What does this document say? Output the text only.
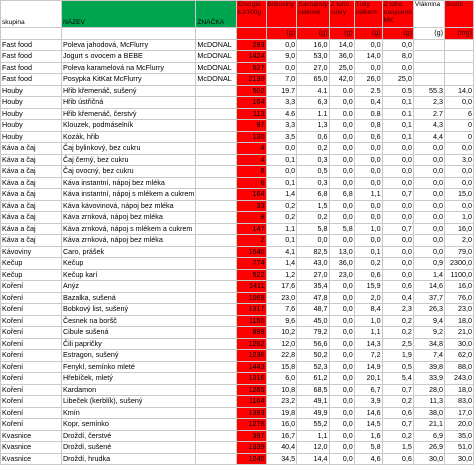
skupina	NÁZEV	ZNAČKA	Energie kJ/100g	Bílkoviny	Sacharidy celkové	Z toho cukry	Tuky celkem	Z toho nasycené MK	Vláknina	Sodík

				(g)	(g)	(g)	(g)	(g)	(g)	(mg)
Fast food	Poleva jahodová, McFlurry	McDONAL	293	0,0	16,0	14,0	0,0	0,0		
Fast food	Jogurt s ovocem a BEBE	McDONAL	1424	9,0	53,0	36,0	14,0	8,0		
Fast food	Poleva karamelová na McFlurry	McDONAL	527	0,0	27,0	25,0	0,0	0,0		
Fast food	Posypka KitKat McFlurry	McDONAL	2130	7,0	65,0	42,0	26,0	25,0		
Houby	Hřib křemenáč, sušený		502	19.7	4.1	0.0	2.5	0.5	55.3	14,0
Houby	Hřib ústřičná		164	3,3	6,3	0,0	0,4	0,1	2,3	0,0
Houby	Hřib křemenáč, čerstvý		113	4.6	1.1	0.0	0.8	0.1	2.7	6
Houby	Klouzek, podmáselník		97	3,3	1,3	0,0	0,8	0,1	4,3	0
Houby	Kozák, hřib		130	3,5	0,6	0,0	0,6	0,1	4,4	0
Káva a čaj	Čaj bylinkový, bez cukru		4	0,0	0,2	0,0	0,0	0,0	0,0	0,0
Káva a čaj	Čaj černý, bez cukru		4	0,1	0,3	0,0	0,0	0,0	0,0	3,0
Káva a čaj	Čaj ovocný, bez cukru		8	0,0	0,5	0,0	0,0	0,0	0,0	0,0
Káva a čaj	Káva instantní, nápoj bez mléka		6	0,1	0,3	0,0	0,0	0,0	0,0	0,0
Káva a čaj	Káva instantní, nápoj s mlékem a cukrem		164	1,4	6,8	6,8	1,1	0,7	0,0	15,0
Káva a čaj	Káva kávovinová, nápoj bez mléka		33	0,2	1,5	0,0	0,0	0,0	0,0	0,0
Káva a čaj	Káva zrnková, nápoj bez mléka		8	0,2	0,2	0,0	0,0	0,0	0,0	1,0
Káva a čaj	Káva zrnková, nápoj s mlékem a cukrem		147	1,1	5,8	5,8	1,0	0,7	0,0	16,0
Káva a čaj	Káva zrnková, nápoj bez mléka		2	0,1	0,0	0,0	0,0	0,0	0,0	2,0
Kávoviny	Caro, prášek		1540	4,1	82,5	13,0	0,1	0,0	0,0	79,0
Kečup	Kečup		774	1,4	43,0	36,0	0,2	0,0	0,9	2300,0
Kečup	Kečup karí		522	1,2	27,0	23,0	0,6	0,0	1,4	1100,0
Koření	Anýz		1411	17,6	35,4	0,0	15,9	0,6	14,6	16,0
Koření	Bazalka, sušená		1069	23,0	47,8	0,0	2,0	0,4	37,7	76,0
Koření	Bobkový list, sušený		1317	7,6	48,7	0,0	8,4	2,3	26,3	23,0
Koření	Česnek na boršč		1150	9,6	45,0	0,0	1,0	0,2	9,4	18,0
Koření	Cibule sušená		899	10,2	79,2	0,0	1,1	0,2	9,2	21,0
Koření	Čili papričky		1262	12,0	56,6	0,0	14,3	2,5	34,8	30,0
Koření	Estragon, sušený		1236	22,8	50,2	0,0	7,2	1,9	7,4	62,0
Koření	Fenykl, semínko mleté		1443	15,8	52,3	0,0	14,9	0,5	39,8	88,0
Koření	Hřebíček, mletý		1316	6,0	61,2	0,0	20,1	5,4	33,9	243,0
Koření	Kardamon		1285	10,8	68,5	0,0	6,7	0,7	28,0	18,0
Koření	Libeček (kerblík), sušený		1164	23,2	49,1	0,0	3,9	0,2	11,3	83,0
Koření	Kmín		1393	19,8	49,9	0,0	14,6	0,6	38,0	17,0
Koření	Kopr, semínko		1278	16,0	55,2	0,0	14,5	0,7	21,1	20,0
Kvasnice	Droždí, čerstvé		397	16,7	1,1	0,0	1,6	0,2	6,9	35,0
Kvasnice	Droždí, sušené		1339	40,4	12,0	0,0	5,8	1,5	26,9	51,0
Kvasnice	Droždí, hrudka		1240	34,5	14,4	0,0	4,6	0,6	30,0	30,0
